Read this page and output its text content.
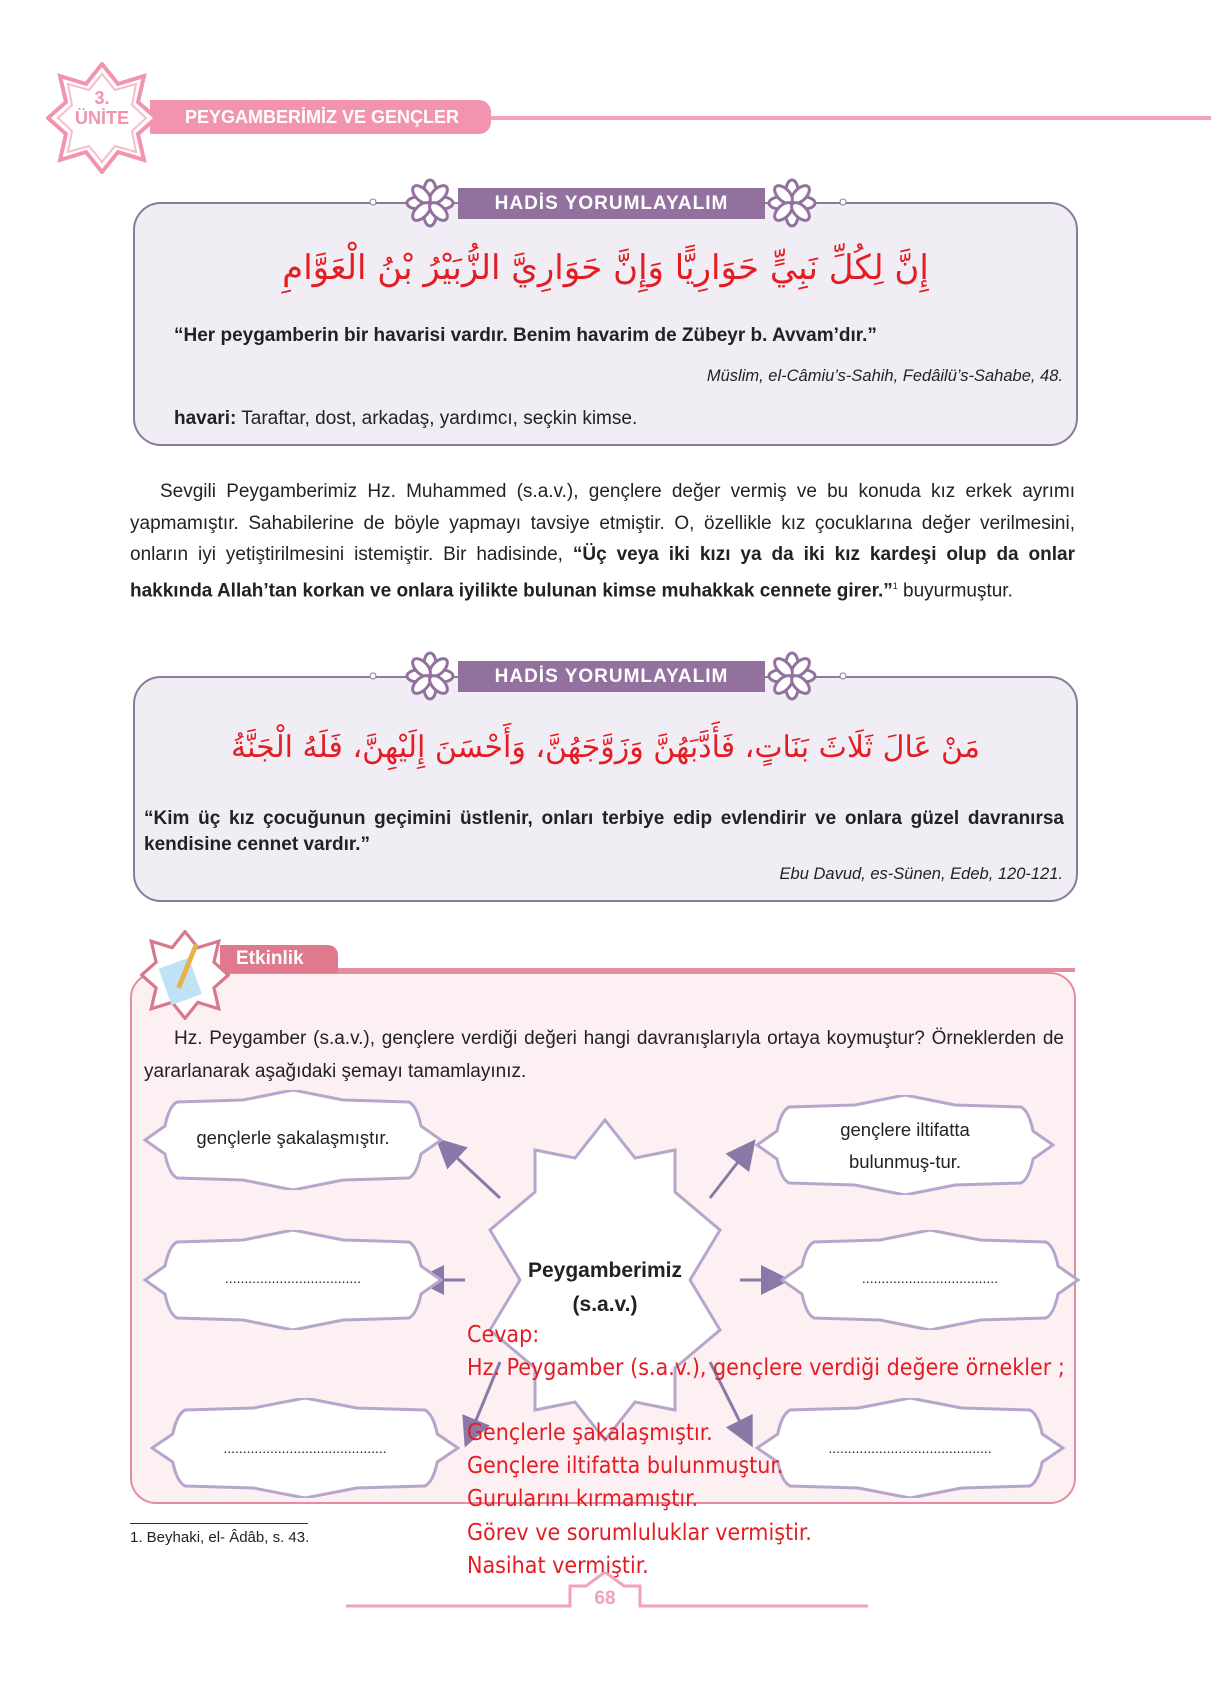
PEYGAMBERİMİZ VE GENÇLER
3.
ÜNİTE
HADİS YORUMLAYALIM
إِنَّ لِكُلِّ نَبِيٍّ حَوَارِيًّا وَإِنَّ حَوَارِيَّ الزُّبَيْرُ بْنُ الْعَوَّامِ
“Her peygamberin bir havarisi vardır. Benim havarim de Zübeyr b. Avvam’dır.”
Müslim, el-Câmiu’s-Sahih, Fedâilü’s-Sahabe, 48.
havari: Taraftar, dost, arkadaş, yardımcı, seçkin kimse.
Sevgili Peygamberimiz Hz. Muhammed (s.a.v.), gençlere değer vermiş ve bu konuda kız erkek ayrımı yapmamıştır. Sahabilerine de böyle yapmayı tavsiye etmiştir. O, özellikle kız çocuklarına değer verilmesini, onların iyi yetiştirilmesini istemiştir. Bir hadisinde, “Üç veya iki kızı ya da iki kız kardeşi olup da onlar hakkında Allah’tan korkan ve onlara iyilikte bulunan kimse muhakkak cennete girer.”$^1$ buyurmuştur.
HADİS YORUMLAYALIM
مَنْ عَالَ ثَلَاثَ بَنَاتٍ، فَأَدَّبَهُنَّ وَزَوَّجَهُنَّ، وَأَحْسَنَ إِلَيْهِنَّ، فَلَهُ الْجَنَّةُ
“Kim üç kız çocuğunun geçimini üstlenir, onları terbiye edip evlendirir ve onlara güzel davranırsa kendisine cennet vardır.”
Ebu Davud, es-Sünen, Edeb, 120-121.
Etkinlik
Hz. Peygamber (s.a.v.), gençlere verdiği değeri hangi davranışlarıyla ortaya koymuştur? Örneklerden de yararlanarak aşağıdaki şemayı tamamlayınız.
gençlerle şakalaşmıştır.	gençlere iltifatta bulunmuş-tur.
...................................	...................................
..........................................	..........................................
Peygamberimiz
(s.a.v.)
Cevap:
Hz. Peygamber (s.a.v.), gençlere verdiği değere örnekler ;
Gençlerle şakalaşmıştır.
Gençlere iltifatta bulunmuştur.
Gurularını kırmamıştır.
Görev ve sorumluluklar vermiştir.
Nasihat vermiştir.
1. Beyhaki, el- Âdâb, s. 43.
68
